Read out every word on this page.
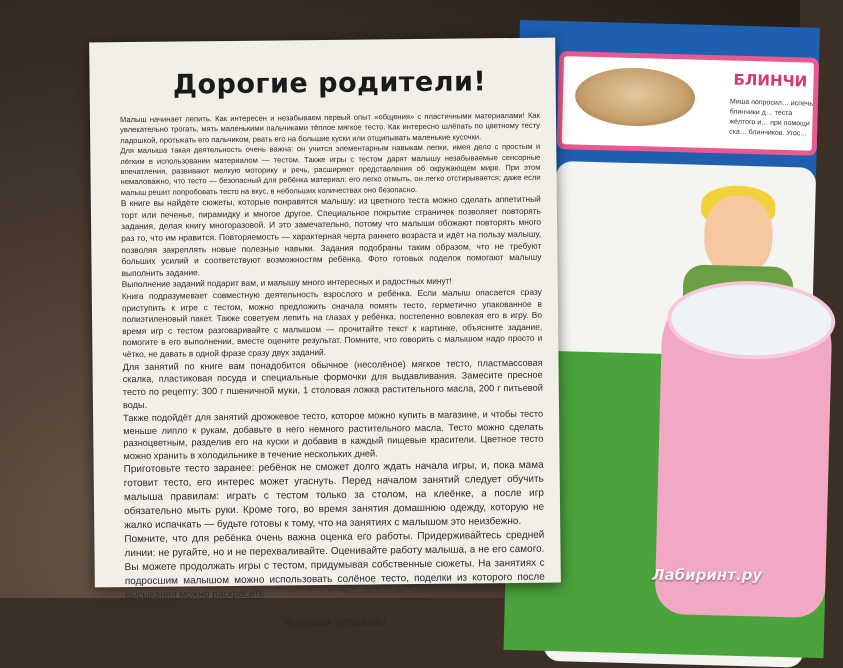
БЛИНЧИ
Миша попросил… испечь блинчики д… теста жёлтого и… при помощи ска… блинчиков. Угос…
Дорогие родители!

Малыш начинает лепить. Как интересен и незабываем первый опыт «общения» с пластичными материалами! Как увлекательно трогать, мять маленькими пальчиками тёплое мягкое тесто. Как интересно шлёпать по цветному тесту ладошкой, протыкать его пальчиком, рвать его на большие куски или отщипывать маленькие кусочки.

Для малыша такая деятельность очень важна: он учится элементарным навыкам лепки, имея дело с простым и лёгким в использовании материалом — тестом. Также игры с тестом дарят малышу незабываемые сенсорные впечатления, развивают мелкую моторику и речь, расширяют представления об окружающем мире. При этом немаловажно, что тесто — безопасный для ребёнка материал: его легко отмыть, он легко отстирывается; даже если малыш решит попробовать тесто на вкус, в небольших количествах оно безопасно.

В книге вы найдёте сюжеты, которые понравятся малышу: из цветного теста можно сделать аппетитный торт или печенье, пирамидку и многое другое. Специальное покрытие страничек позволяет повторять задания, делая книгу многоразовой. И это замечательно, потому что малыши обожают повторять много раз то, что им нравится. Повторяемость — характерная черта раннего возраста и идёт на пользу малышу, позволяя закреплять новые полезные навыки. Задания подобраны таким образом, что не требуют больших усилий и соответствуют возможностям ребёнка. Фото готовых поделок помогают малышу выполнить задание.

Выполнение заданий подарит вам, и малышу много интересных и радостных минут!

Книга подразумевает совместную деятельность взрослого и ребёнка. Если малыш опасается сразу приступить к игре с тестом, можно предложить сначала помять тесто, герметично упакованное в полиэтиленовый пакет. Также советуем лепить на глазах у ребёнка, постепенно вовлекая его в игру. Во время игр с тестом разговаривайте с малышом — прочитайте текст к картинке, объясните задание, помогите в его выполнении, вместе оцените результат. Помните, что говорить с малышом надо просто и чётко, не давать в одной фразе сразу двух заданий.

Для занятий по книге вам понадобится обычное (несолёное) мягкое тесто, пластмассовая скалка, пластиковая посуда и специальные формочки для выдавливания. Замесите пресное тесто по рецепту: 300 г пшеничной муки, 1 столовая ложка растительного масла, 200 г питьевой воды.

Также подойдёт для занятий дрожжевое тесто, которое можно купить в магазине, и чтобы тесто меньше липло к рукам, добавьте в него немного растительного масла. Тесто можно сделать разноцветным, разделив его на куски и добавив в каждый пищевые красители. Цветное тесто можно хранить в холодильнике в течение нескольких дней.

Приготовьте тесто заранее: ребёнок не сможет долго ждать начала игры, и, пока мама готовит тесто, его интерес может угаснуть. Перед началом занятий следует обучить малыша правилам: играть с тестом только за столом, на клеёнке, а после игр обязательно мыть руки. Кроме того, во время занятия домашнюю одежду, которую не жалко испачкать — будьте готовы к тому, что на занятиях с малышом это неизбежно.

Помните, что для ребёнка очень важна оценка его работы. Придерживайтесь средней линии: не ругайте, но и не перехваливайте. Оценивайте работу малыша, а не его самого. Вы можете продолжать игры с тестом, придумывая собственные сюжеты. На занятиях с подросшим малышом можно использовать солёное тесто, поделки из которого после высыхания можно раскрасить.

Желаем успехов!
Лабиринт.ру
